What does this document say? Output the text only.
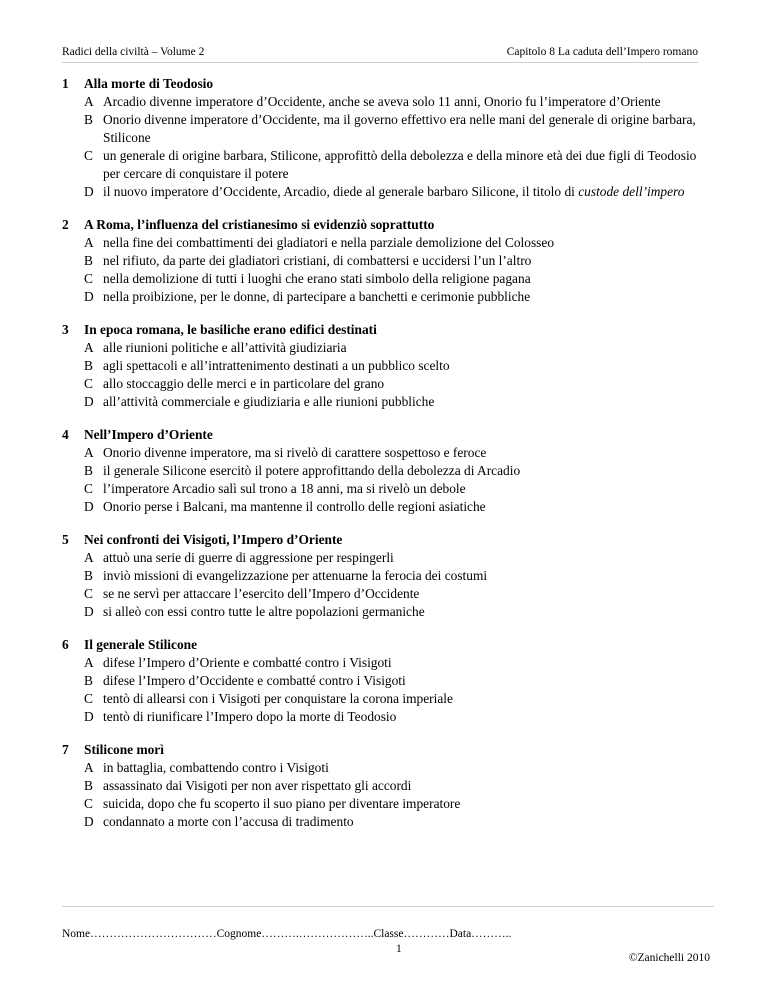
Radici della civiltà – Volume 2	Capitolo 8 La caduta dell’Impero romano
1 Alla morte di Teodosio
A Arcadio divenne imperatore d’Occidente, anche se aveva solo 11 anni, Onorio fu l’imperatore d’Oriente
B Onorio divenne imperatore d’Occidente, ma il governo effettivo era nelle mani del generale di origine barbara, Stilicone
C un generale di origine barbara, Stilicone, approfittò della debolezza e della minore età dei due figli di Teodosio per cercare di conquistare il potere
D il nuovo imperatore d’Occidente, Arcadio, diede al generale barbaro Silicone, il titolo di custode dell’impero
2 A Roma, l’influenza del cristianesimo si evidenziò soprattutto
A nella fine dei combattimenti dei gladiatori e nella parziale demolizione del Colosseo
B nel rifiuto, da parte dei gladiatori cristiani, di combattersi e uccidersi l’un l’altro
C nella demolizione di tutti i luoghi che erano stati simbolo della religione pagana
D nella proibizione, per le donne, di partecipare a banchetti e cerimonie pubbliche
3 In epoca romana, le basiliche erano edifici destinati
A alle riunioni politiche e all’attività giudiziaria
B agli spettacoli e all’intrattenimento destinati a un pubblico scelto
C allo stoccaggio delle merci e in particolare del grano
D all’attività commerciale e giudiziaria e alle riunioni pubbliche
4 Nell’Impero d’Oriente
A Onorio divenne imperatore, ma si rivelò di carattere sospettoso e feroce
B il generale Silicone esercitò il potere approfittando della debolezza di Arcadio
C l’imperatore Arcadio salì sul trono a 18 anni, ma si rivelò un debole
D Onorio perse i Balcani, ma mantenne il controllo delle regioni asiatiche
5 Nei confronti dei Visigoti, l’Impero d’Oriente
A attuò una serie di guerre di aggressione per respingerli
B inviò missioni di evangelizzazione per attenuarne la ferocia dei costumi
C se ne servì per attaccare l’esercito dell’Impero d’Occidente
D si alleò con essi contro tutte le altre popolazioni germaniche
6 Il generale Stilicone
A difese l’Impero d’Oriente e combatté contro i Visigoti
B difese l’Impero d’Occidente e combatté contro i Visigoti
C tentò di allearsi con i Visigoti per conquistare la corona imperiale
D tentò di riunificare l’Impero dopo la morte di Teodosio
7 Stilicone morì
A in battaglia, combattendo contro i Visigoti
B assassinato dai Visigoti per non aver rispettato gli accordi
C suicida, dopo che fu scoperto il suo piano per diventare imperatore
D condannato a morte con l’accusa di tradimento
Nome……………………………Cognome……….………………..Classe…………Data………..
1
©Zanichelli 2010
